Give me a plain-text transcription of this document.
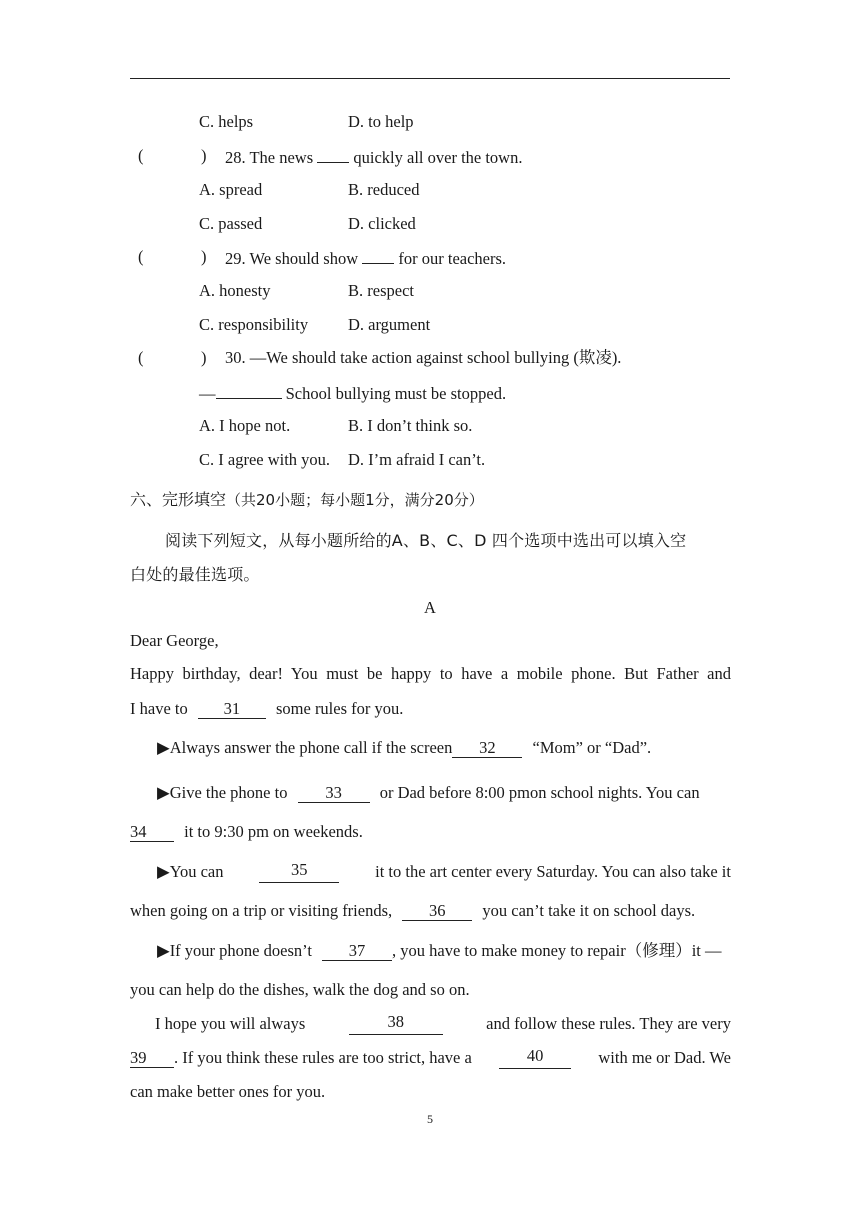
C. helps	D. to help
(	) 28. The news quickly all over the town.
A. spread	B. reduced
C. passed	D. clicked
(	) 29. We should show for our teachers.
A. honesty	B. respect
C. responsibility D. argument
(	) 30. —We should take action against school bullying (欺凌).
—	School bullying must be stopped.
A. I hope not.	B. I don’t think so.
C. I agree with you. D. I’m afraid I can’t.
六、完形填空（共20小题；每小题1分，满分20分）
阅读下列短文，从每小题所给的A、B、C、D 四个选项中选出可以填入空
白处的最佳选项。
A
Dear George,
Happy birthday, dear! You must be happy to have a mobile phone. But Father and
I have to 31 some rules for you.
▶Always answer the phone call if the screen 32 “Mom” or “Dad”.
▶Give the phone to 33 or Dad before 8:00 pmon school nights. You can
34 it to 9:30 pm on weekends.
▶You can	35	it to the art center every Saturday. You can also take it
when going on a trip or visiting friends, 36 you can’t take it on school days.
▶If your phone doesn’t 37 , you have to make money to repair（修理）it —
you can help do the dishes, walk the dog and so on.
I hope you will always	38	and follow these rules. They are very
39 . If you think these rules are too strict, have a	40	with me or Dad. We
can make better ones for you.
5
